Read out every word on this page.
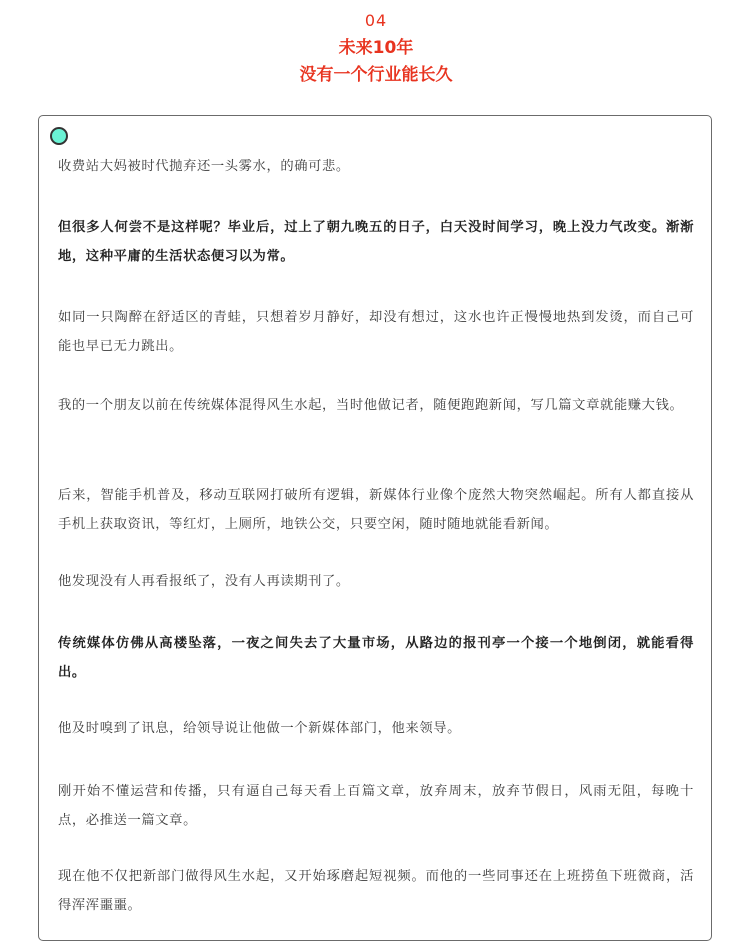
04
未来10年
没有一个行业能长久
收费站大妈被时代抛弃还一头雾水，的确可悲。
但很多人何尝不是这样呢？毕业后，过上了朝九晚五的日子，白天没时间学习，晚上没力气改变。渐渐地，这种平庸的生活状态便习以为常。
如同一只陶醉在舒适区的青蛙，只想着岁月静好，却没有想过，这水也许正慢慢地热到发烫，而自己可能也早已无力跳出。
我的一个朋友以前在传统媒体混得风生水起，当时他做记者，随便跑跑新闻，写几篇文章就能赚大钱。
后来，智能手机普及，移动互联网打破所有逻辑，新媒体行业像个庞然大物突然崛起。所有人都直接从手机上获取资讯，等红灯，上厕所，地铁公交，只要空闲，随时随地就能看新闻。
他发现没有人再看报纸了，没有人再读期刊了。
传统媒体仿佛从高楼坠落，一夜之间失去了大量市场，从路边的报刊亭一个接一个地倒闭，就能看得出。
他及时嗅到了讯息，给领导说让他做一个新媒体部门，他来领导。
刚开始不懂运营和传播，只有逼自己每天看上百篇文章，放弃周末，放弃节假日，风雨无阻，每晚十点，必推送一篇文章。
现在他不仅把新部门做得风生水起，又开始琢磨起短视频。而他的一些同事还在上班捞鱼下班微商，活得浑浑噩噩。
